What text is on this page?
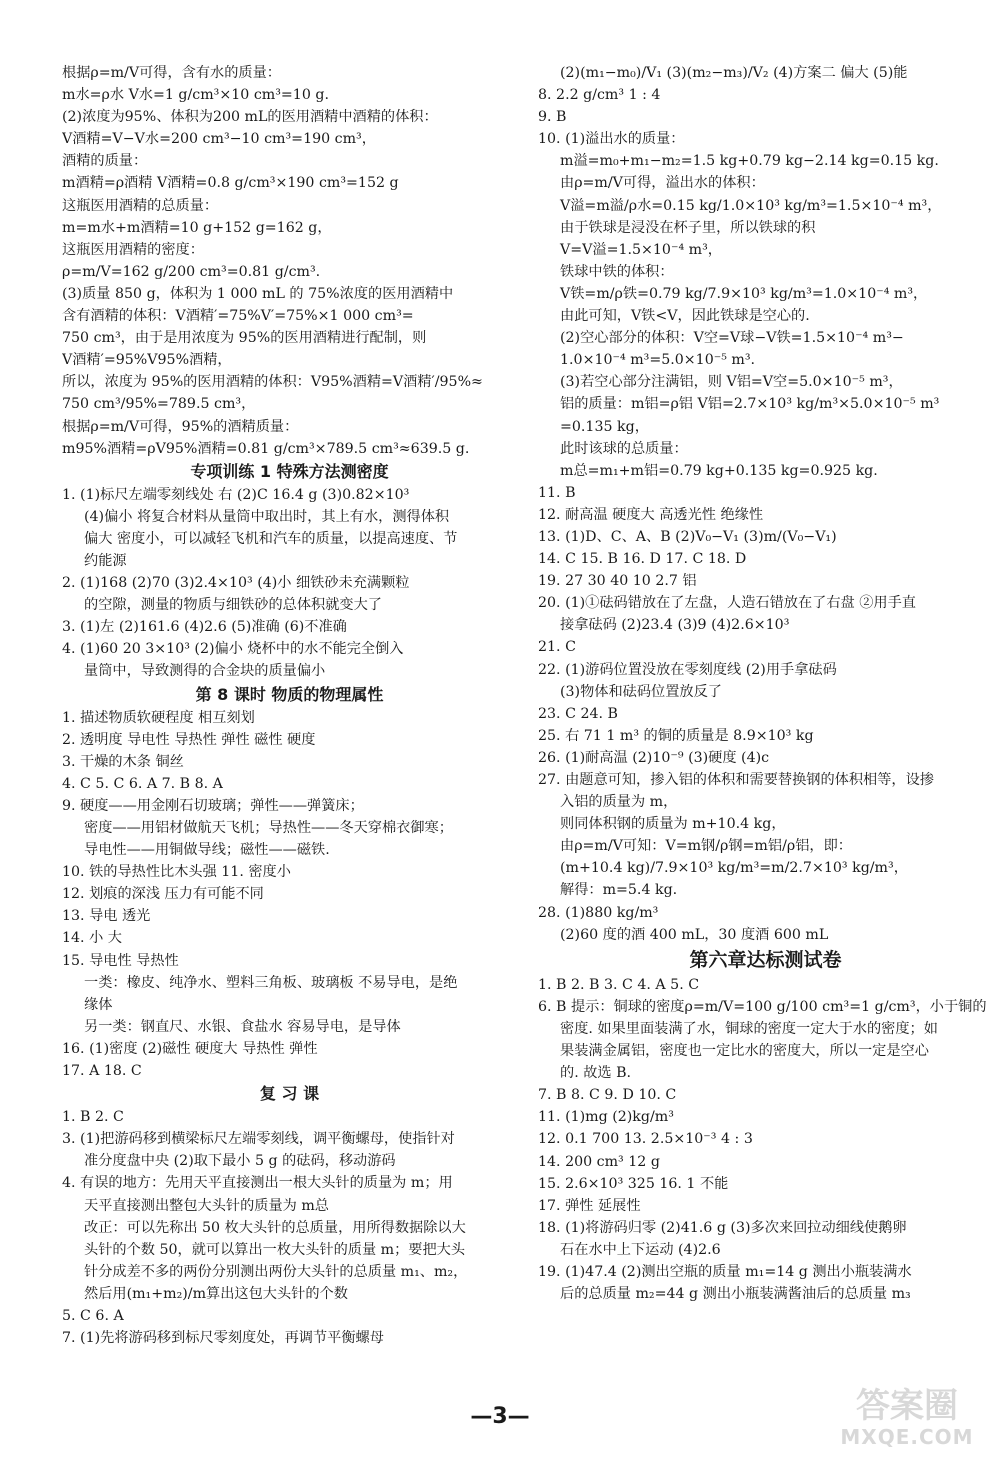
根据ρ=m/V可得，含有水的质量：
m水=ρ水 V水=1 g/cm³×10 cm³=10 g.
(2)浓度为95%、体积为200 mL的医用酒精中酒精的体积：
V酒精=V−V水=200 cm³−10 cm³=190 cm³，
酒精的质量：
m酒精=ρ酒精 V酒精=0.8 g/cm³×190 cm³=152 g
这瓶医用酒精的总质量：
m=m水+m酒精=10 g+152 g=162 g，
这瓶医用酒精的密度：
ρ=m/V=162 g/200 cm³=0.81 g/cm³.
(3)质量 850 g，体积为 1 000 mL 的 75%浓度的医用酒精中
含有酒精的体积：V酒精′=75%V′=75%×1 000 cm³=
750 cm³，由于是用浓度为 95%的医用酒精进行配制，则
V酒精′=95%V95%酒精，
所以，浓度为 95%的医用酒精的体积：V95%酒精=V酒精′/95%≈
750 cm³/95%=789.5 cm³，
根据ρ=m/V可得，95%的酒精质量：
m95%酒精=ρV95%酒精=0.81 g/cm³×789.5 cm³≈639.5 g.
专项训练 1 特殊方法测密度
1. (1)标尺左端零刻线处 右 (2)C 16.4 g (3)0.82×10³
(4)偏小 将复合材料从量筒中取出时，其上有水，测得体积
偏大 密度小，可以减轻飞机和汽车的质量，以提高速度、节
约能源
2. (1)168 (2)70 (3)2.4×10³ (4)小 细铁砂未充满颗粒
的空隙，测量的物质与细铁砂的总体积就变大了
3. (1)左 (2)161.6 (4)2.6 (5)准确 (6)不准确
4. (1)60 20 3×10³ (2)偏小 烧杯中的水不能完全倒入
量筒中，导致测得的合金块的质量偏小
第 8 课时 物质的物理属性
1. 描述物质软硬程度 相互刻划
2. 透明度 导电性 导热性 弹性 磁性 硬度
3. 干燥的木条 铜丝
4. C 5. C 6. A 7. B 8. A
9. 硬度——用金刚石切玻璃；弹性——弹簧床；
密度——用铝材做航天飞机；导热性——冬天穿棉衣御寒；
导电性——用铜做导线；磁性——磁铁.
10. 铁的导热性比木头强 11. 密度小
12. 划痕的深浅 压力有可能不同
13. 导电 透光
14. 小 大
15. 导电性 导热性
一类：橡皮、纯净水、塑料三角板、玻璃板 不易导电，是绝
缘体
另一类：钢直尺、水银、食盐水 容易导电，是导体
16. (1)密度 (2)磁性 硬度大 导热性 弹性
17. A 18. C
复 习 课
1. B 2. C
3. (1)把游码移到横梁标尺左端零刻线，调平衡螺母，使指针对
准分度盘中央 (2)取下最小 5 g 的砝码，移动游码
4. 有误的地方：先用天平直接测出一根大头针的质量为 m；用
天平直接测出整包大头针的质量为 m总
改正：可以先称出 50 枚大头针的总质量，用所得数据除以大
头针的个数 50，就可以算出一枚大头针的质量 m；要把大头
针分成差不多的两份分别测出两份大头针的总质量 m₁、m₂，
然后用(m₁+m₂)/m算出这包大头针的个数
5. C 6. A
7. (1)先将游码移到标尺零刻度处，再调节平衡螺母
(2)(m₁−m₀)/V₁ (3)(m₂−m₃)/V₂ (4)方案二 偏大 (5)能
8. 2.2 g/cm³ 1 : 4
9. B
10. (1)溢出水的质量：
m溢=m₀+m₁−m₂=1.5 kg+0.79 kg−2.14 kg=0.15 kg.
由ρ=m/V可得，溢出水的体积：
V溢=m溢/ρ水=0.15 kg/1.0×10³ kg/m³=1.5×10⁻⁴ m³，
由于铁球是浸没在杯子里，所以铁球的积
V=V溢=1.5×10⁻⁴ m³，
铁球中铁的体积：
V铁=m/ρ铁=0.79 kg/7.9×10³ kg/m³=1.0×10⁻⁴ m³，
由此可知，V铁<V，因此铁球是空心的.
(2)空心部分的体积：V空=V球−V铁=1.5×10⁻⁴ m³−
1.0×10⁻⁴ m³=5.0×10⁻⁵ m³.
(3)若空心部分注满铝，则 V铝=V空=5.0×10⁻⁵ m³，
铝的质量：m铝=ρ铝 V铝=2.7×10³ kg/m³×5.0×10⁻⁵ m³
=0.135 kg，
此时该球的总质量：
m总=m₁+m铝=0.79 kg+0.135 kg=0.925 kg.
11. B
12. 耐高温 硬度大 高透光性 绝缘性
13. (1)D、C、A、B (2)V₀−V₁ (3)m/(V₀−V₁)
14. C 15. B 16. D 17. C 18. D
19. 27 30 40 10 2.7 铝
20. (1)①砝码错放在了左盘，人造石错放在了右盘 ②用手直
接拿砝码 (2)23.4 (3)9 (4)2.6×10³
21. C
22. (1)游码位置没放在零刻度线 (2)用手拿砝码
(3)物体和砝码位置放反了
23. C 24. B
25. 右 71 1 m³ 的铜的质量是 8.9×10³ kg
26. (1)耐高温 (2)10⁻⁹ (3)硬度 (4)c
27. 由题意可知，掺入铝的体积和需要替换钢的体积相等，设掺
入铝的质量为 m，
则同体积钢的质量为 m+10.4 kg，
由ρ=m/V可知：V=m钢/ρ钢=m铝/ρ铝，即：
(m+10.4 kg)/7.9×10³ kg/m³=m/2.7×10³ kg/m³，
解得：m=5.4 kg.
28. (1)880 kg/m³
(2)60 度的酒 400 mL，30 度酒 600 mL
第六章达标测试卷
1. B 2. B 3. C 4. A 5. C
6. B 提示：铜球的密度ρ=m/V=100 g/100 cm³=1 g/cm³，小于铜的
密度. 如果里面装满了水，铜球的密度一定大于水的密度；如
果装满金属铝，密度也一定比水的密度大，所以一定是空心
的. 故选 B.
7. B 8. C 9. D 10. C
11. (1)mg (2)kg/m³
12. 0.1 700 13. 2.5×10⁻³ 4 : 3
14. 200 cm³ 12 g
15. 2.6×10³ 325 16. 1 不能
17. 弹性 延展性
18. (1)将游码归零 (2)41.6 g (3)多次来回拉动细线使鹅卵
石在水中上下运动 (4)2.6
19. (1)47.4 (2)测出空瓶的质量 m₁=14 g 测出小瓶装满水
后的总质量 m₂=44 g 测出小瓶装满酱油后的总质量 m₃
—3—	答案圈
MXQE.COM
